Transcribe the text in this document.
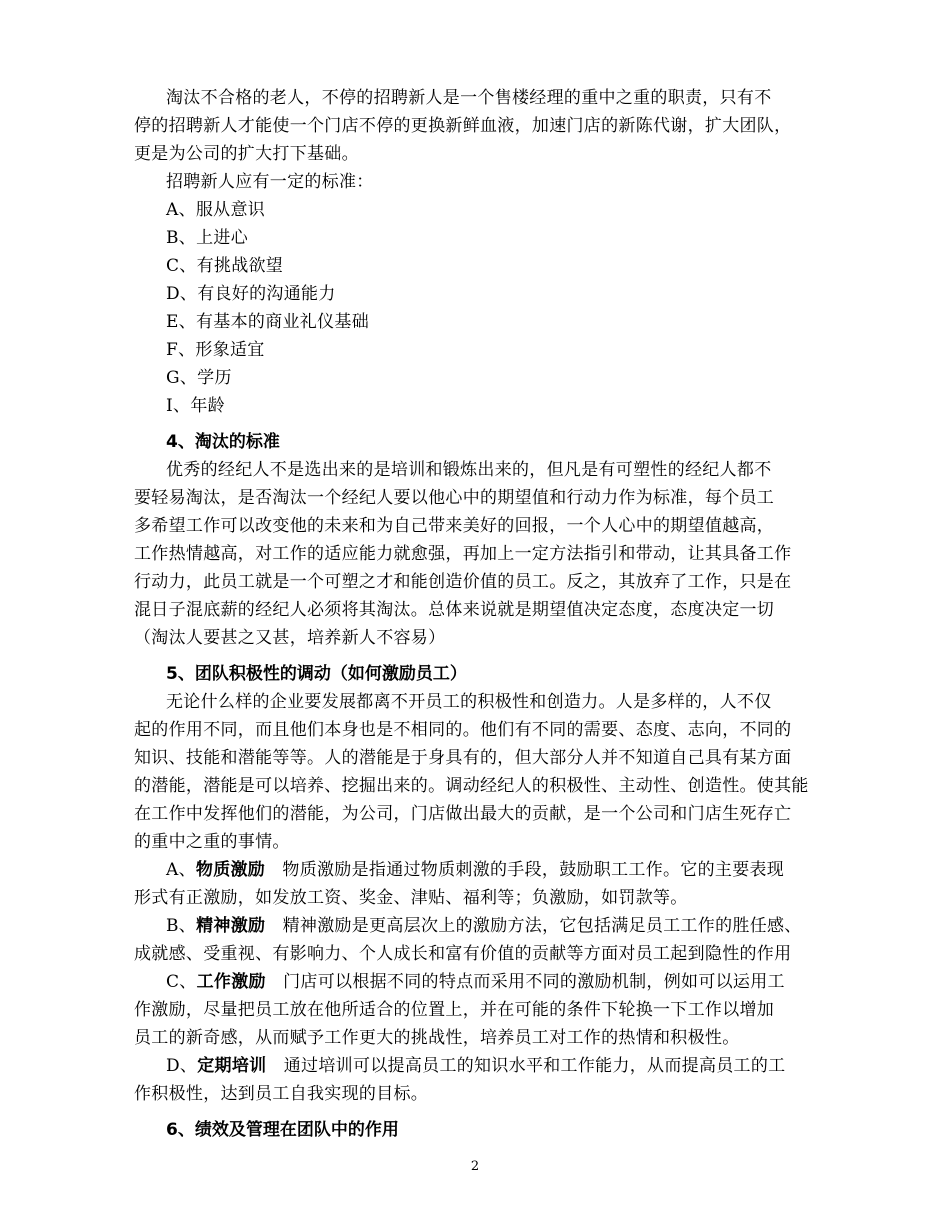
淘汰不合格的老人，不停的招聘新人是一个售楼经理的重中之重的职责，只有不
停的招聘新人才能使一个门店不停的更换新鲜血液，加速门店的新陈代谢，扩大团队，
更是为公司的扩大打下基础。
招聘新人应有一定的标准：
A、服从意识
B、上进心
C、有挑战欲望
D、有良好的沟通能力
E、有基本的商业礼仪基础
F、形象适宜
G、学历
I、年龄
4、淘汰的标准
优秀的经纪人不是选出来的是培训和锻炼出来的，但凡是有可塑性的经纪人都不
要轻易淘汰，是否淘汰一个经纪人要以他心中的期望值和行动力作为标准，每个员工
多希望工作可以改变他的未来和为自己带来美好的回报，一个人心中的期望值越高，
工作热情越高，对工作的适应能力就愈强，再加上一定方法指引和带动，让其具备工作
行动力，此员工就是一个可塑之才和能创造价值的员工。反之，其放弃了工作，只是在
混日子混底薪的经纪人必须将其淘汰。总体来说就是期望值决定态度，态度决定一切
（淘汰人要甚之又甚，培养新人不容易）
5、团队积极性的调动（如何激励员工）
无论什么样的企业要发展都离不开员工的积极性和创造力。人是多样的，人不仅
起的作用不同，而且他们本身也是不相同的。他们有不同的需要、态度、志向，不同的
知识、技能和潜能等等。人的潜能是于身具有的，但大部分人并不知道自己具有某方面
的潜能，潜能是可以培养、挖掘出来的。调动经纪人的积极性、主动性、创造性。使其能
在工作中发挥他们的潜能，为公司，门店做出最大的贡献，是一个公司和门店生死存亡
的重中之重的事情。
A、物质激励　 物质激励是指通过物质刺激的手段，鼓励职工工作。它的主要表现
形式有正激励，如发放工资、奖金、津贴、福利等；负激励，如罚款等。
B、精神激励　 精神激励是更高层次上的激励方法，它包括满足员工工作的胜任感、
成就感、受重视、有影响力、个人成长和富有价值的贡献等方面对员工起到隐性的作用
C、工作激励　 门店可以根据不同的特点而采用不同的激励机制，例如可以运用工
作激励，尽量把员工放在他所适合的位置上，并在可能的条件下轮换一下工作以增加
员工的新奇感，从而赋予工作更大的挑战性，培养员工对工作的热情和积极性。
D、定期培训　 通过培训可以提高员工的知识水平和工作能力，从而提高员工的工
作积极性，达到员工自我实现的目标。
6、绩效及管理在团队中的作用
2
